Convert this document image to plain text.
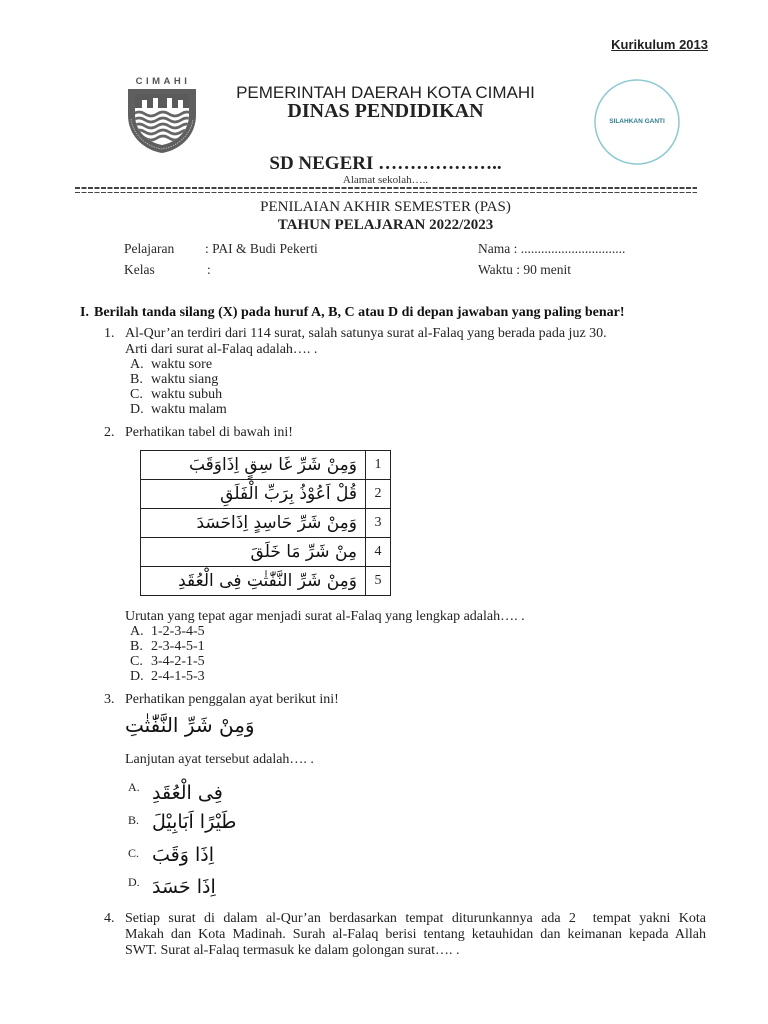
Kurikulum 2013
CIMAHI
PEMERINTAH DAERAH KOTA CIMAHI
DINAS PENDIDIKAN	SILAHKAN GANTI
SD NEGERI ………………..
Alamat sekolah…..
PENILAIAN AKHIR SEMESTER (PAS)
TAHUN PELAJARAN 2022/2023
Pelajaran : PAI & Budi Pekerti	Nama : ...............................
Kelas	:	Waktu : 90 menit
I. Berilah tanda silang (X) pada huruf A, B, C atau D di depan jawaban yang paling benar!
1. Al-Qur’an terdiri dari 114 surat, salah satunya surat al-Falaq yang berada pada juz 30.
Arti dari surat al-Falaq adalah…. .
A. waktu sore
B. waktu siang
C. waktu subuh
D. waktu malam
2. Perhatikan tabel di bawah ini!
وَمِنْ شَرِّ غَا سِقٍ اِذَاوَقَبَ	1
قُلْ اَعُوْذُ بِرَبِّ الْفَلَقِ	2
وَمِنْ شَرِّ حَاسِدٍ اِذَاحَسَدَ	3
مِنْ شَرِّ مَا خَلَقَ	4
وَمِنْ شَرِّ النَّفّٰثٰتِ فِى الْعُقَدِ	5
Urutan yang tepat agar menjadi surat al-Falaq yang lengkap adalah…. .
A. 1-2-3-4-5
B. 2-3-4-5-1
C. 3-4-2-1-5
D. 2-4-1-5-3
3. Perhatikan penggalan ayat berikut ini!
وَمِنْ شَرِّ النَّفّٰثٰتِ
Lanjutan ayat tersebut adalah…. .
A. فِى الْعُقَدِ
B. طَيْرًا اَبَابِيْلَ
C. اِذَا وَقَبَ
D. اِذَا حَسَدَ
4. Setiap surat di dalam al-Qur’an berdasarkan tempat diturunkannya ada 2  tempat yakni Kota
Makah dan Kota Madinah. Surah al-Falaq berisi tentang ketauhidan dan keimanan kepada Allah
SWT. Surat al-Falaq termasuk ke dalam golongan surat…. .
